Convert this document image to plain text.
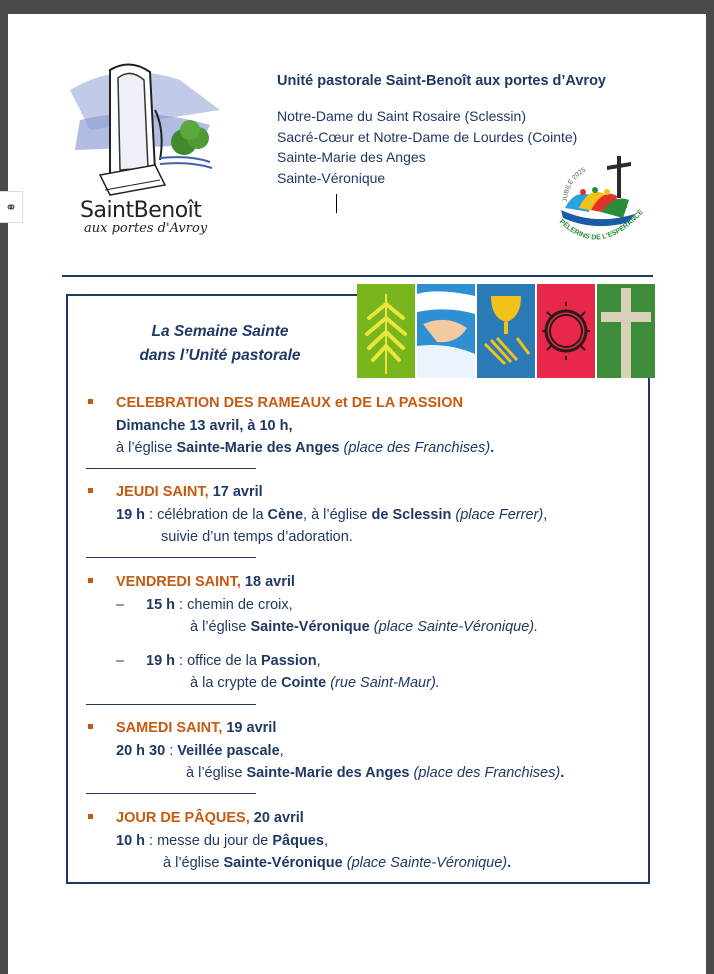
⚭	SaintBenoît
aux portes d'Avroy
Unité pastorale Saint-Benoît aux portes d’Avroy
Notre-Dame du Saint Rosaire (Sclessin)
Sacré-Cœur et Notre-Dame de Lourdes (Cointe)
Sainte-Marie des Anges
Sainte-Véronique
JUBILÉ 2025
PÈLERINS DE L'ESPÉRANCE
La Semaine Sainte
dans l’Unité pastorale
CELEBRATION DES RAMEAUX et DE LA PASSION
Dimanche 13 avril, à 10 h,
à l’église Sainte-Marie des Anges (place des Franchises).
JEUDI SAINT, 17 avril
19 h : célébration de la Cène, à l’église de Sclessin (place Ferrer),
suivie d’un temps d’adoration.
VENDREDI SAINT, 18 avril
– 15 h : chemin de croix,
à l’église Sainte-Véronique (place Sainte-Véronique).
– 19 h : office de la Passion,
à la crypte de Cointe (rue Saint-Maur).
SAMEDI SAINT, 19 avril
20 h 30 : Veillée pascale,
à l’église Sainte-Marie des Anges (place des Franchises).
JOUR DE PÂQUES, 20 avril
10 h : messe du jour de Pâques,
à l’église Sainte-Véronique (place Sainte-Véronique).
